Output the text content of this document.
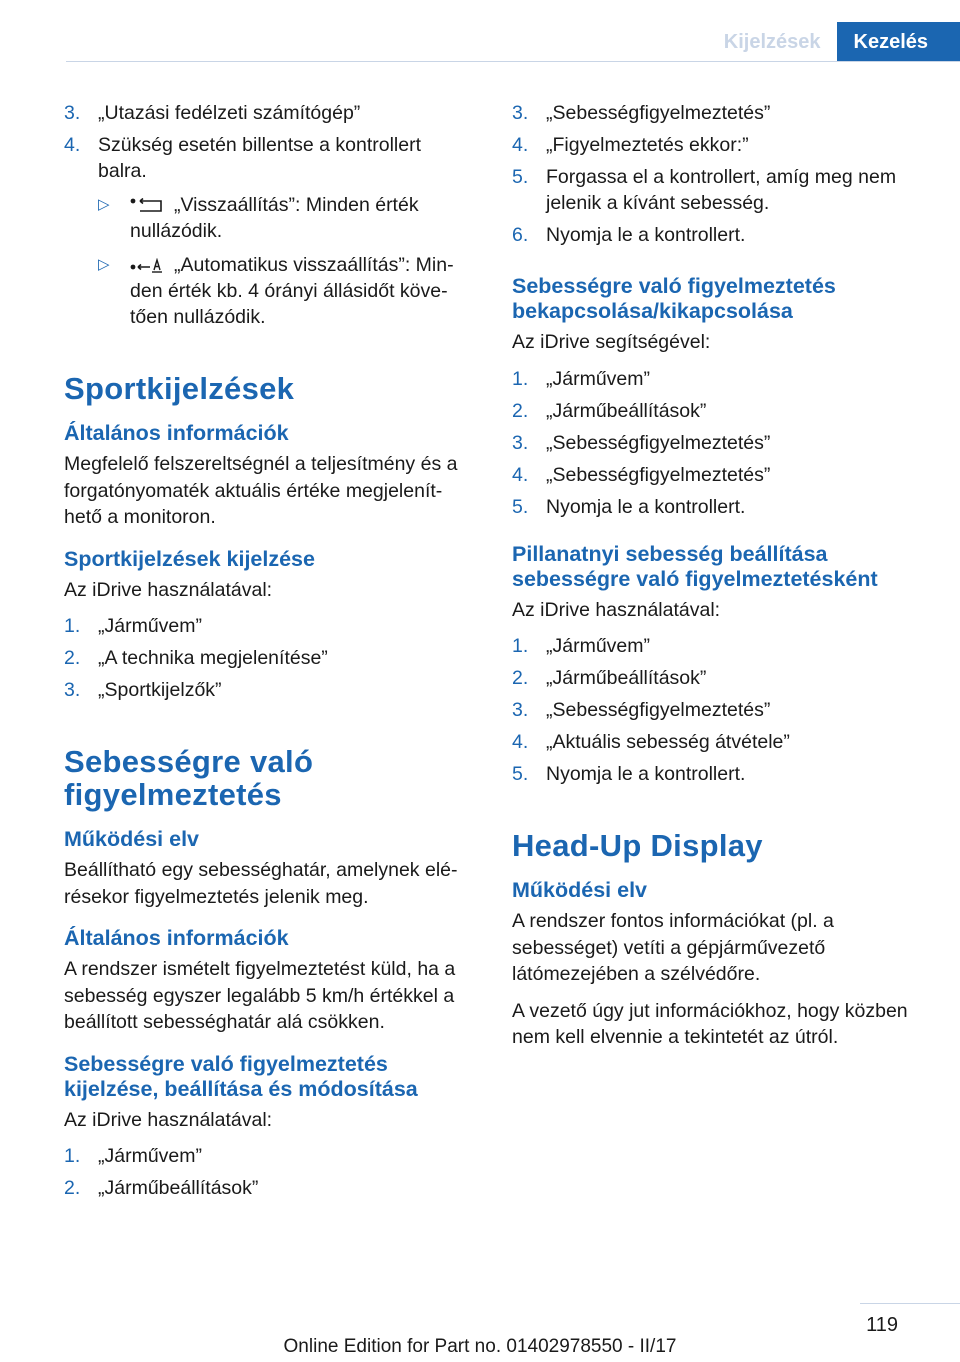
Kijelzések	Kezelés
3. „Utazási fedélzeti számítógép”
4. Szükség esetén billentse a kontrollert balra.
▷	„Visszaállítás”: Minden érték nullázódik.
▷	„Automatikus visszaállítás”: Minden érték kb. 4 órányi állásidőt követően nullázódik.
Sportkijelzések
Általános információk
Megfelelő felszereltségnél a teljesítmény és a forgatónyomaték aktuális értéke megjeleníthető a monitoron.
Sportkijelzések kijelzése
Az iDrive használatával:
1. „Járművem”
2. „A technika megjelenítése”
3. „Sportkijelzők”
Sebességre való figyelmeztetés
Működési elv
Beállítható egy sebességhatár, amelynek elérésekor figyelmeztetés jelenik meg.
Általános információk
A rendszer ismételt figyelmeztetést küld, ha a sebesség egyszer legalább 5 km/h értékkel a beállított sebességhatár alá csökken.
Sebességre való figyelmeztetés kijelzése, beállítása és módosítása
Az iDrive használatával:
1. „Járművem”
2. „Járműbeállítások”
3. „Sebességfigyelmeztetés”
4. „Figyelmeztetés ekkor:”
5. Forgassa el a kontrollert, amíg meg nem jelenik a kívánt sebesség.
6. Nyomja le a kontrollert.
Sebességre való figyelmeztetés bekapcsolása/kikapcsolása
Az iDrive segítségével:
1. „Járművem”
2. „Járműbeállítások”
3. „Sebességfigyelmeztetés”
4. „Sebességfigyelmeztetés”
5. Nyomja le a kontrollert.
Pillanatnyi sebesség beállítása sebességre való figyelmeztetésként
Az iDrive használatával:
1. „Járművem”
2. „Járműbeállítások”
3. „Sebességfigyelmeztetés”
4. „Aktuális sebesség átvétele”
5. Nyomja le a kontrollert.
Head-Up Display
Működési elv
A rendszer fontos információkat (pl. a sebességet) vetíti a gépjárművezető látómezejében a szélvédőre.
A vezető úgy jut információkhoz, hogy közben nem kell elvennie a tekintetét az útról.
119
Online Edition for Part no. 01402978550 - II/17
